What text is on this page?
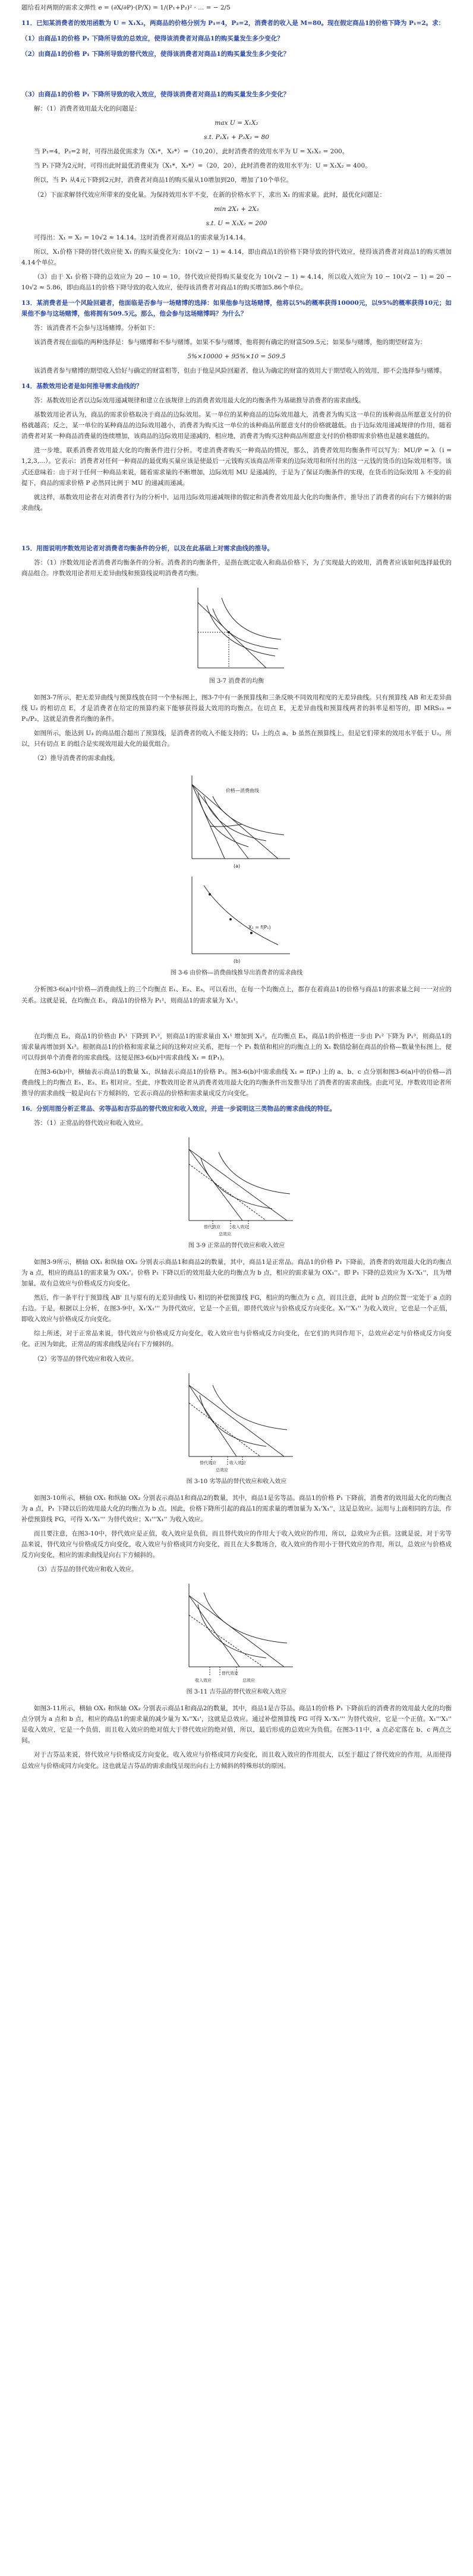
题给看对两期的需求文弹性 e = (∂X/∂P)·(P/X) = 1/(P₁+P₂)² · ... = − 2/5

11．已知某消费者的效用函数为 U = X₁X₂，两商品的价格分别为 P₁=4，P₂=2，消费者的收入是 M=80。现在假定商品1的价格下降为 P₁=2。求：

（1）由商品1的价格 P₁ 下降所导致的总效应，使得该消费者对商品1的购买量发生多少变化？

（2）由商品1的价格 P₁ 下降所导致的替代效应，使得该消费者对商品1的购买量发生多少变化？

（3）由商品1的价格 P₁ 下降所导致的收入效应，使得该消费者对商品1的购买量发生多少变化？

解：（1）消费者效用最大化的问题是：

max U = X₁X₂

s.t. P₁X₁ + P₂X₂ = 80

当 P₁=4，P₂=2 时，可得出最优需求为（X₁*，X₂*）=（10,20），此时消费者的效用水平为 U = X₁X₂ = 200。

当 P₁下降为2元时，可得出此时最优消费束为（X₁*，X₂*）=（20，20），此时消费者的效用水平为：U = X₁X₂ = 400。

所以，当 P₁ 从4元下降到2元时，消费者对商品1的购买量从10增加到20，增加了10个单位。

（2）下面求解替代效应所带来的变化量。为保持效用水平不变，在新的价格水平下，求出 X₁ 的需求量。此时，最优化问题是：

min 2X₁ + 2X₂

s.t. U = X₁X₂ = 200

可得出：X₁ = X₂ = 10√2 ≈ 14.14。这时消费者对商品1的需求量为14.14。

所以，X₁价格下降的替代效应使 X₁ 的购买量变化为：10(√2 − 1) ≈ 4.14，即由商品1的价格下降导致的替代效应，使得该消费者对商品1的购买增加4.14个单位。

（3）由于 X₁ 价格下降的总效应为 20 − 10 = 10，替代效应使得购买量变化为 10(√2 − 1) ≈ 4.14，所以收入效应为 10 − 10(√2 − 1) = 20 − 10√2 ≈ 5.86，即由商品1的价格下降导致的收入效应，使得该消费者对商品1的购买增加5.86个单位。

13．某消费者是一个风险回避者，他面临是否参与一场赌博的选择：如果他参与这场赌博，他将以5%的概率获得10000元，以95%的概率获得10元；如果他不参与这场赌博，他将拥有509.5元。那么，他会参与这场赌博吗？为什么？

答：该消费者不会参与这场赌博。分析如下：

该消费者现在面临的两种选择是：参与赌博和不参与赌博。如果不参与赌博，他将拥有确定的财富509.5元；如果参与赌博，他的期望财富为：

5%×10000 + 95%×10 = 509.5

该消费者参与赌博的期望收入恰好与确定的财富相等，但由于他是风险回避者，他认为确定的财富的效用大于期望收入的效用，即不会选择参与赌博。

14．基数效用论者是如何推导需求曲线的？

答：基数效用论者以边际效用递减规律和建立在该规律上的消费者效用最大化的均衡条件为基础推导消费者的需求曲线。

基数效用论者认为，商品的需求价格取决于商品的边际效用。某一单位的某种商品的边际效用越大，消费者为购买这一单位的该种商品所愿意支付的价格就越高；反之，某一单位的某种商品的边际效用越小，消费者为购买这一单位的该种商品所愿意支付的价格就越低。由于边际效用递减规律的作用，随着消费者对某一种商品消费量的连续增加，该商品的边际效用是递减的，相应地，消费者为购买这种商品所愿意支付的价格即需求价格也是越来越低的。

进一步地，联系消费者效用最大化的均衡条件进行分析。考虑消费者购买一种商品的情况，那么，消费者效用均衡条件可以写为：MU/P = λ（i = 1,2,3,...）。它表示：消费者对任何一种商品的最优购买量应该是使最后一元钱购买该商品所带来的边际效用和所付出的这一元钱的货币的边际效用相等。该式还意味着：由于对于任何一种商品来说，随着需求量的不断增加，边际效用 MU 是递减的，于是为了保证均衡条件的实现，在货币的边际效用 λ 不变的前提下，商品的需求价格 P 必然同比例于 MU 的递减而递减。

就这样，基数效用论者在对消费者行为的分析中，运用边际效用递减规律的假定和消费者效用最大化的均衡条件，推导出了消费者的向右下方倾斜的需求曲线。

15．用图说明序数效用论者对消费者均衡条件的分析，以及在此基础上对需求曲线的推导。

答：（1）序数效用论者消费者均衡条件的分析。消费者的均衡条件，是指在既定收入和商品价格下，为了实现最大的效用，消费者应该如何选择最优的商品组合。序数效用论者用无差异曲线和预算线说明消费者均衡。

图 3-7 消费者的均衡

如图3-7所示，把无差异曲线与预算线放在同一个坐标图上，图3-7中有一条预算线和三条反映不同效用程度的无差异曲线。只有预算线 AB 和无差异曲线 U₂ 的相切点 E，才是消费者在给定的预算约束下能够获得最大效用的均衡点。在切点 E，无差异曲线和预算线两者的斜率是相等的，即 MRS₁₂ = P₁/P₂，这就是消费者均衡的条件。

如图所示，能达到 U₃ 的商品组合超出了预算线，是消费者的收入不能支持的；U₁ 上的点 a、b 虽然在预算线上，但是它们带来的效用水平低于 U₂，所以，只有切点 E 的组合是实现效用最大化的最优组合。

（2）推导消费者的需求曲线。

价格—消费曲线
(a)
X₁ = f(P₁)
(b)

图 3-6 由价格—消费曲线推导出消费者的需求曲线

分析图3-6(a)中价格—消费曲线上的三个均衡点 E₁、E₂、E₃，可以看出，在每一个均衡点上，都存在着商品1的价格与商品1的需求量之间一一对应的关系。这就是说，在均衡点 E₁，商品1的价格为 P₁¹，则商品1的需求量为 X₁¹。

在均衡点 E₂，商品1的价格由 P₁¹ 下降到 P₁²，则商品1的需求量由 X₁¹ 增加到 X₁²。在均衡点 E₃，商品1的价格进一步由 P₁² 下降为 P₁³，则商品1的需求量再增加到 X₁³。根据商品1的价格和需求量之间的这种对应关系，把每一个 P₁ 数值和相应的均衡点上的 X₁ 数值绘制在商品的价格—数量坐标图上，便可以得到单个消费者的需求曲线。这便是图3-6(b)中需求曲线 X₁ = f(P₁)。

在图3-6(b)中，横轴表示商品1的数量 X₁，纵轴表示商品1的价格 P₁。图3-6(b)中需求曲线 X₁ = f(P₁) 上的 a、b、c 点分别和图3-6(a)中的价格—消费曲线上的均衡点 E₁、E₂、E₃ 相对应。至此，序数效用论者从消费者效用最大化的均衡条件出发推导出了消费者的需求曲线。由此可见，序数效用论者所推导的需求曲线一般是向右下方倾斜的，它表示商品的价格和需求量成反方向变化。

16．分别用图分析正常品、劣等品和吉芬品的替代效应和收入效应，并进一步说明这三类物品的需求曲线的特征。

答：（1）正常品的替代效应和收入效应。

替代效应	收入效应
总效应

图 3-9 正常品的替代效应和收入效应

如图3-9所示，横轴 OX₁ 和纵轴 OX₂ 分别表示商品1和商品2的数量，其中，商品1是正常品。商品1的价格 P₁ 下降前，消费者的效用最大化的均衡点为 a 点，相应的商品1的需求量为 OX₁'。价格 P₁ 下降以后的效用最大化的均衡点为 b 点，相应的需求量为 OX₁''。即 P₁ 下降的总效应为 X₁'X₁''，且为增加量，故有总效应与价格成反方向变化。

然后，作一条平行于预算线 AB' 且与原有的无差异曲线 U₁ 相切的补偿预算线 FG，相应的均衡点为 c 点，而且注意，此时 b 点的位置一定处于 a 点的右边。于是，根据以上分析，在图3-9中，X₁'X₁''' 为替代效应，它是一个正值，即替代效应与价格成反方向变化。X₁'''X₁'' 为收入效应，它也是一个正值，即收入效应与价格成反方向变化。

综上所述，对于正常品来说，替代效应与价格成反方向变化，收入效应也与价格成反方向变化，在它们的共同作用下，总效应必定与价格成反方向变化。正因为如此，正常品的需求曲线是向右下方倾斜的。

（2）劣等品的替代效应和收入效应。

替代效应	收入效应
总效应

图 3-10 劣等品的替代效应和收入效应

如图3-10所示，横轴 OX₁ 和纵轴 OX₂ 分别表示商品1和商品2的数量，其中，商品1是劣等品。商品1的价格 P₁ 下降前，消费者的效用最大化的均衡点为 a 点，P₁ 下降以后的效用最大化的均衡点为 b 点。因此，价格下降所引起的商品1的需求量的增加量为 X₁'X₁''，这是总效应。运用与上面相同的方法，作补偿预算线 FG，可得 X₁'X₁''' 为替代效应；X₁'''X₁'' 为收入效应。

而且要注意，在图3-10中，替代效应是正值，收入效应是负值，而且替代效应的作用大于收入效应的作用，所以，总效应为正值。这就是说，对于劣等品来说，替代效应与价格成反方向变化，收入效应与价格成同方向变化，而且在大多数场合，收入效应的作用小于替代效应的作用，所以，总效应与价格成反方向变化，相应的需求曲线是向右下方倾斜的。

（3）吉芬品的替代效应和收入效应。

替代效应
收入效应	总效应

图 3-11 吉芬品的替代效应和收入效应

如图3-11所示，横轴 OX₁ 和纵轴 OX₂ 分别表示商品1和商品2的数量，其中，商品1是吉芬品。商品1的价格 P₁ 下降前后的消费者的效用最大化的均衡点分别为 a 点和 b 点，相应的商品1的需求量的减少量为 X₁''X₁'，这就是总效应。通过补偿预算线 FG 可得 X₁'X₁''' 为替代效应，它是一个正值。X₁'''X₁'' 是收入效应，它是一个负值，而且收入效应的绝对值大于替代效应的绝对值，所以，最后形成的总效应为负值。在图3-11中，a 点必定落在 b、c 两点之间。

对于吉芬品来说，替代效应与价格成反方向变化，收入效应与价格成同方向变化，而且收入效应的作用很大，以至于超过了替代效应的作用，从而使得总效应与价格成同方向变化。这也就是吉芬品的需求曲线呈现出向右上方倾斜的特殊形状的原因。
